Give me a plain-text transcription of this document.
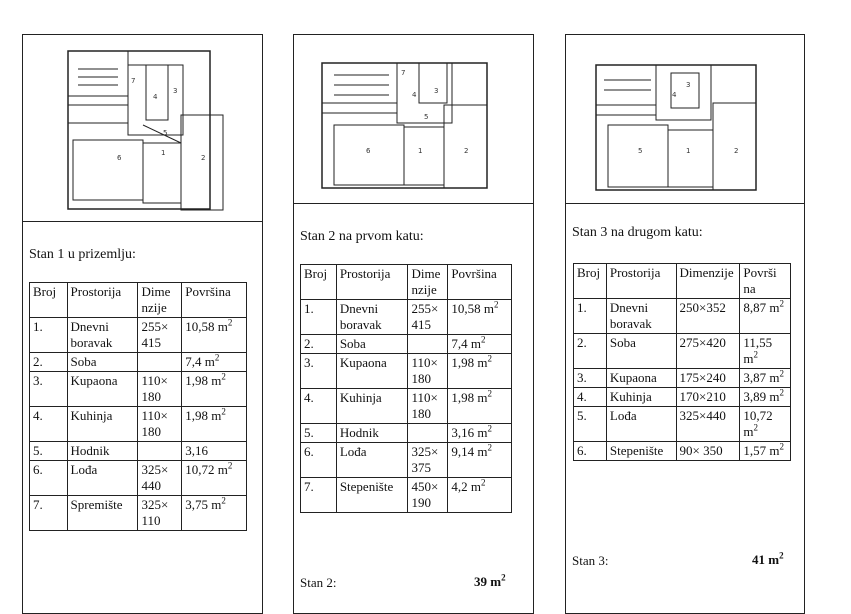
7
4
3
5
6
1
2
Stan 1 u prizemlju:
Broj	Prostorija	Dime nzije	Površina
1.	Dnevni boravak	255× 415	10,58 $m^2$
2.	Soba		7,4 $m^2$
3.	Kupaona	110× 180	1,98 $m^2$
4.	Kuhinja	110× 180	1,98 $m^2$
5.	Hodnik		3,16
6.	Lođa	325× 440	10,72 $m^2$
7.	Spremište	325× 110	3,75 $m^2$
7
3
4
5
6	1	2
Stan 2 na prvom katu:
Broj	Prostorija	Dime nzije	Površina
1.	Dnevni boravak	255× 415	10,58 $m^2$
2.	Soba		7,4 $m^2$
3.	Kupaona	110× 180	1,98 $m^2$
4.	Kuhinja	110× 180	1,98 $m^2$
5.	Hodnik		3,16 $m^2$
6.	Lođa	325× 375	9,14 $m^2$
7.	Stepenište	450× 190	4,2 $m^2$
Stan 2:	39 $m^2$
3
4
5	1	2
Stan 3 na drugom katu:
Broj	Prostorija	Dimenzije	Površi na
1.	Dnevni boravak	250×352	8,87 $m^2$
2.	Soba	275×420	11,55 $m^2$
3.	Kupaona	175×240	3,87 $m^2$
4.	Kuhinja	170×210	3,89 $m^2$
5.	Lođa	325×440	10,72 $m^2$
6.	Stepenište	90× 350	1,57 $m^2$
Stan 3:	41 $m^2$
